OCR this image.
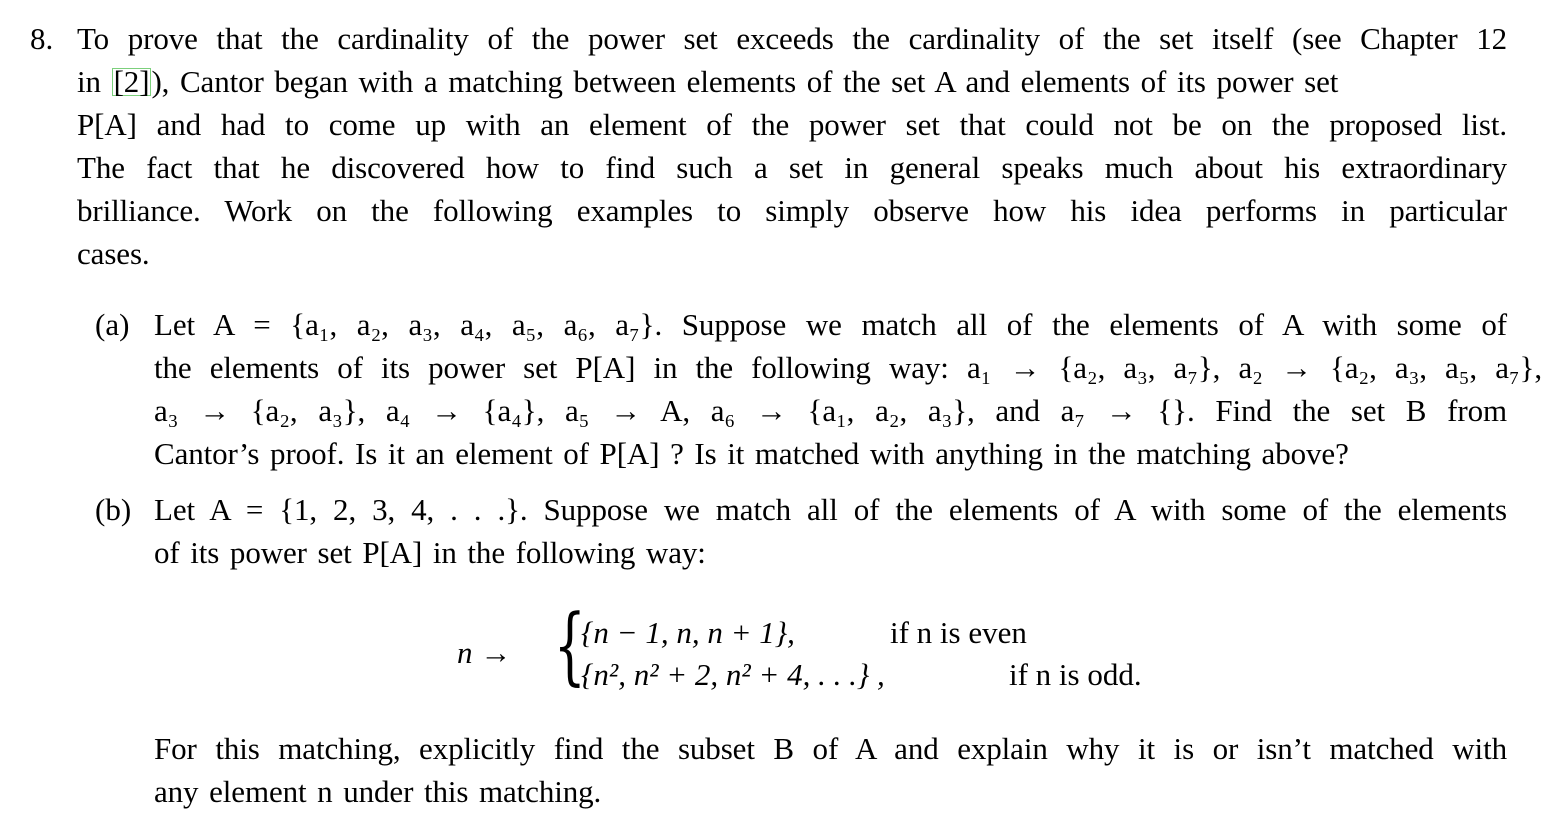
8. To prove that the cardinality of the power set exceeds the cardinality of the set itself (see Chapter 12
in [2]), Cantor began with a matching between elements of the set A and elements of its power set
P[A] and had to come up with an element of the power set that could not be on the proposed list.
The fact that he discovered how to find such a set in general speaks much about his extraordinary
brilliance. Work on the following examples to simply observe how his idea performs in particular
cases.
(a) Let A = {a₁, a₂, a₃, a₄, a₅, a₆, a₇}. Suppose we match all of the elements of A with some of
the elements of its power set P[A] in the following way: a₁ → {a₂, a₃, a₇}, a₂ → {a₂, a₃, a₅, a₇},
a₃ → {a₂, a₃}, a₄ → {a₄}, a₅ → A, a₆ → {a₁, a₂, a₃}, and a₇ → {}. Find the set B from
Cantor’s proof. Is it an element of P[A] ? Is it matched with anything in the matching above?
(b) Let A = {1, 2, 3, 4, . . .}. Suppose we match all of the elements of A with some of the elements
of its power set P[A] in the following way:
n → {
{n − 1, n, n + 1},	if n is even
{n², n² + 2, n² + 4, . . .} ,	if n is odd.
For this matching, explicitly find the subset B of A and explain why it is or isn’t matched with
any element n under this matching.
